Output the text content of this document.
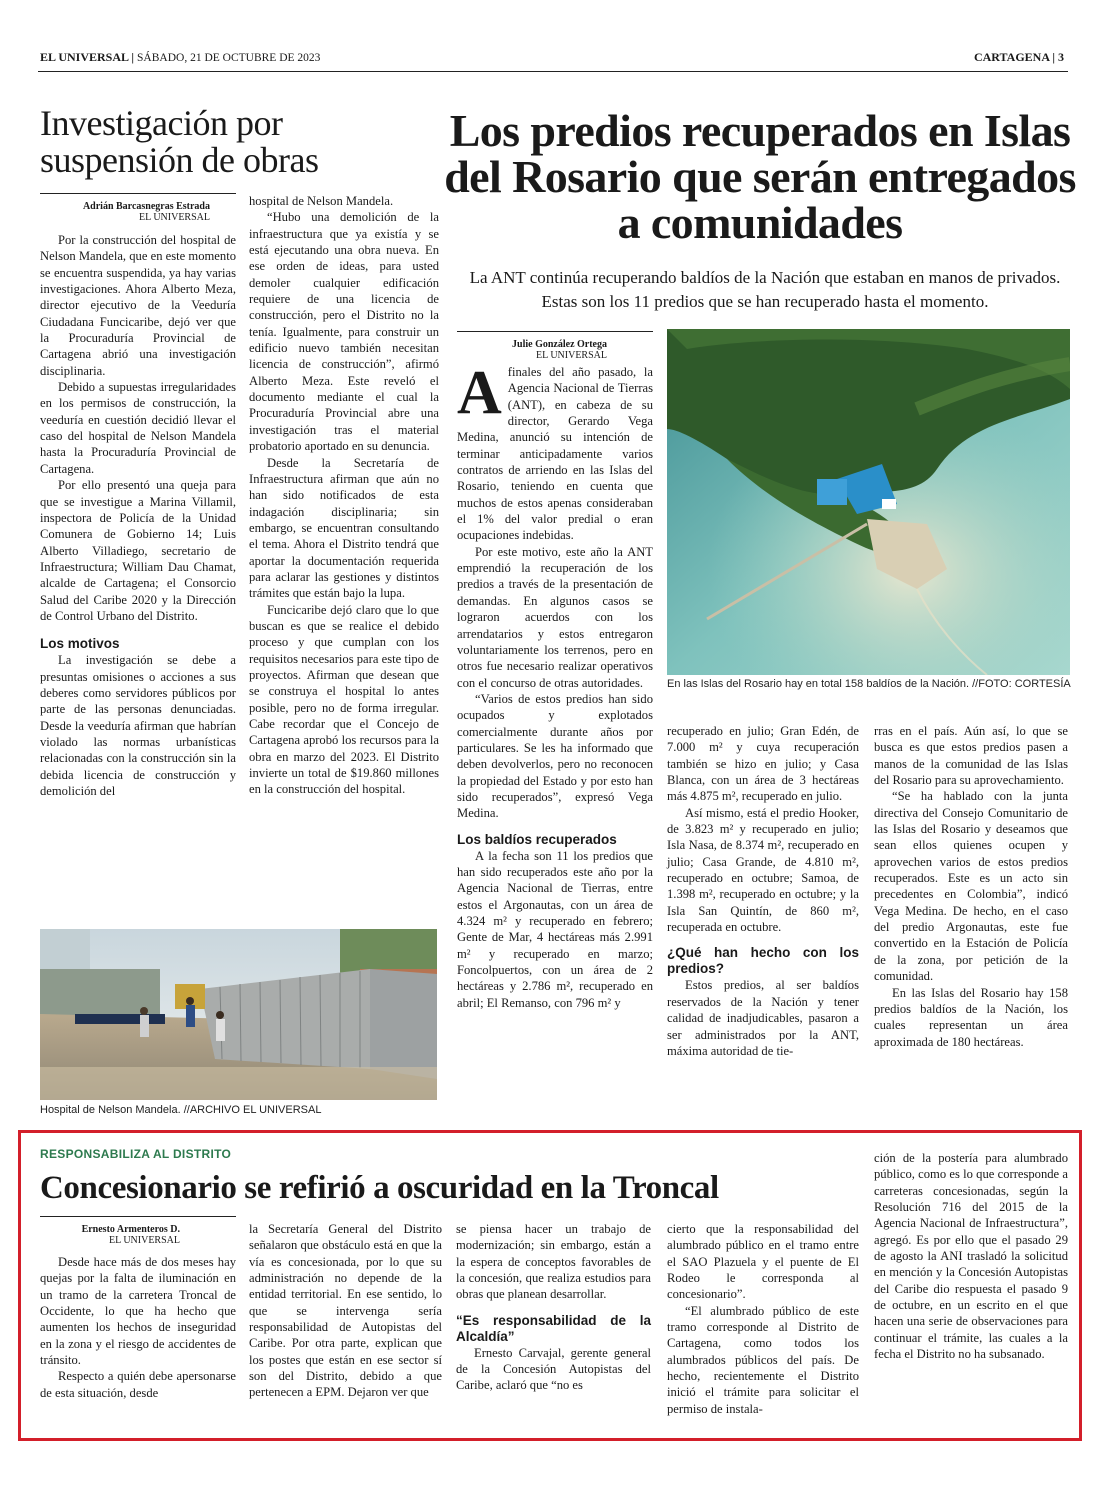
EL UNIVERSAL | SÁBADO, 21 DE OCTUBRE DE 2023	CARTAGENA | 3
Investigación por suspensión de obras
Adrián Barcasnegras Estrada
EL UNIVERSAL

Por la construcción del hospital de Nelson Mandela, que en este momento se encuentra suspendida, ya hay varias investigaciones. Ahora Alberto Meza, director ejecutivo de la Veeduría Ciudadana Funcicaribe, dejó ver que la Procuraduría Provincial de Cartagena abrió una investigación disciplinaria.

Debido a supuestas irregularidades en los permisos de construcción, la veeduría en cuestión decidió llevar el caso del hospital de Nelson Mandela hasta la Procuraduría Provincial de Cartagena.

Por ello presentó una queja para que se investigue a Marina Villamil, inspectora de Policía de la Unidad Comunera de Gobierno 14; Luis Alberto Villadiego, secretario de Infraestructura; William Dau Chamat, alcalde de Cartagena; el Consorcio Salud del Caribe 2020 y la Dirección de Control Urbano del Distrito.

Los motivos

La investigación se debe a presuntas omisiones o acciones a sus deberes como servidores públicos por parte de las personas denunciadas. Desde la veeduría afirman que habrían violado las normas urbanísticas relacionadas con la construcción sin la debida licencia de construcción y demolición del

hospital de Nelson Mandela.

“Hubo una demolición de la infraestructura que ya existía y se está ejecutando una obra nueva. En ese orden de ideas, para usted demoler cualquier edificación requiere de una licencia de construcción, pero el Distrito no la tenía. Igualmente, para construir un edificio nuevo también necesitan licencia de construcción”, afirmó Alberto Meza. Este reveló el documento mediante el cual la Procuraduría Provincial abre una investigación tras el material probatorio aportado en su denuncia.

Desde la Secretaría de Infraestructura afirman que aún no han sido notificados de esta indagación disciplinaria; sin embargo, se encuentran consultando el tema. Ahora el Distrito tendrá que aportar la documentación requerida para aclarar las gestiones y distintos trámites que están bajo la lupa.

Funcicaribe dejó claro que lo que buscan es que se realice el debido proceso y que cumplan con los requisitos necesarios para este tipo de proyectos. Afirman que desean que se construya el hospital lo antes posible, pero no de forma irregular. Cabe recordar que el Concejo de Cartagena aprobó los recursos para la obra en marzo del 2023. El Distrito invierte un total de $19.860 millones en la construcción del hospital.

Hospital de Nelson Mandela. //ARCHIVO EL UNIVERSAL
Los predios recuperados en Islas del Rosario que serán entregados a comunidades
La ANT continúa recuperando baldíos de la Nación que estaban en manos de privados. Estas son los 11 predios que se han recuperado hasta el momento.
Julie González Ortega
EL UNIVERSAL
Afinales del año pasado, la Agencia Nacional de Tierras (ANT), en cabeza de su director, Gerardo Vega Medina, anunció su intención de terminar anticipadamente varios contratos de arriendo en las Islas del Rosario, teniendo en cuenta que muchos de estos apenas consideraban el 1% del valor predial o eran ocupaciones indebidas.

Por este motivo, este año la ANT emprendió la recuperación de los predios a través de la presentación de demandas. En algunos casos se lograron acuerdos con los arrendatarios y estos entregaron voluntariamente los terrenos, pero en otros fue necesario realizar operativos con el concurso de otras autoridades.

“Varios de estos predios han sido ocupados y explotados comercialmente durante años por particulares. Se les ha informado que deben devolverlos, pero no reconocen la propiedad del Estado y por esto han sido recuperados”, expresó Vega Medina.

Los baldíos recuperados

A la fecha son 11 los predios que han sido recuperados este año por la Agencia Nacional de Tierras, entre estos el Argonautas, con un área de 4.324 m² y recuperado en febrero; Gente de Mar, 4 hectáreas más 2.991 m² y recuperado en marzo; Foncolpuertos, con un área de 2 hectáreas y 2.786 m², recuperado en abril; El Remanso, con 796 m² y

En las Islas del Rosario hay en total 158 baldíos de la Nación. //FOTO: CORTESÍA
recuperado en julio; Gran Edén, de 7.000 m² y cuya recuperación también se hizo en julio; y Casa Blanca, con un área de 3 hectáreas más 4.875 m², recuperado en julio.

Así mismo, está el predio Hooker, de 3.823 m² y recuperado en julio; Isla Nasa, de 8.374 m², recuperado en julio; Casa Grande, de 4.810 m², recuperado en octubre; Samoa, de 1.398 m², recuperado en octubre; y la Isla San Quintín, de 860 m², recuperada en octubre.

¿Qué han hecho con los predios?

Estos predios, al ser baldíos reservados de la Nación y tener calidad de inadjudicables, pasaron a ser administrados por la ANT, máxima autoridad de tie-

rras en el país. Aún así, lo que se busca es que estos predios pasen a manos de la comunidad de las Islas del Rosario para su aprovechamiento.

“Se ha hablado con la junta directiva del Consejo Comunitario de las Islas del Rosario y deseamos que sean ellos quienes ocupen y aprovechen varios de estos predios recuperados. Este es un acto sin precedentes en Colombia”, indicó Vega Medina. De hecho, en el caso del predio Argonautas, este fue convertido en la Estación de Policía de la zona, por petición de la comunidad.

En las Islas del Rosario hay 158 predios baldíos de la Nación, los cuales representan un área aproximada de 180 hectáreas.

RESPONSABILIZA AL DISTRITO
Concesionario se refirió a oscuridad en la Troncal
Ernesto Armenteros D.
EL UNIVERSAL

Desde hace más de dos meses hay quejas por la falta de iluminación en un tramo de la carretera Troncal de Occidente, lo que ha hecho que aumenten los hechos de inseguridad en la zona y el riesgo de accidentes de tránsito.

Respecto a quién debe apersonarse de esta situación, desde

la Secretaría General del Distrito señalaron que obstáculo está en que la vía es concesionada, por lo que su administración no depende de la entidad territorial. En ese sentido, lo que se intervenga sería responsabilidad de Autopistas del Caribe. Por otra parte, explican que los postes que están en ese sector sí son del Distrito, debido a que pertenecen a EPM. Dejaron ver que
se piensa hacer un trabajo de modernización; sin embargo, están a la espera de conceptos favorables de la concesión, que realiza estudios para obras que planean desarrollar.
“Es responsabilidad de la Alcaldía”

Ernesto Carvajal, gerente general de la Concesión Autopistas del Caribe, aclaró que “no es

cierto que la responsabilidad del alumbrado público en el tramo entre el SAO Plazuela y el puente de El Rodeo le corresponda al concesionario”.

“El alumbrado público de este tramo corresponde al Distrito de Cartagena, como todos los alumbrados públicos del país. De hecho, recientemente el Distrito inició el trámite para solicitar el permiso de instala-

ción de la postería para alumbrado público, como es lo que corresponde a carreteras concesionadas, según la Resolución 716 del 2015 de la Agencia Nacional de Infraestructura”, agregó. Es por ello que el pasado 29 de agosto la ANI trasladó la solicitud en mención y la Concesión Autopistas del Caribe dio respuesta el pasado 9 de octubre, en un escrito en el que hacen una serie de observaciones para continuar el trámite, las cuales a la fecha el Distrito no ha subsanado.
